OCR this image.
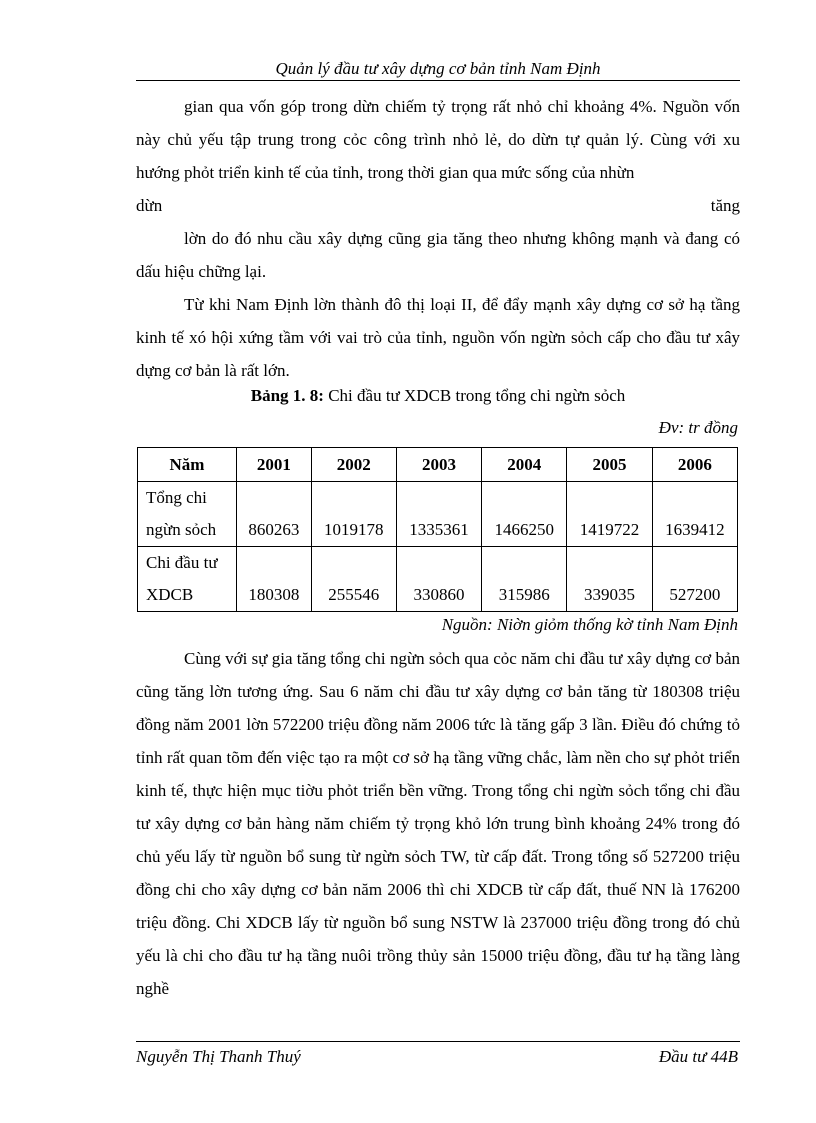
Quản lý đầu tư xây dựng cơ bản tỉnh Nam Định

gian qua vốn góp trong dừn chiếm tỷ trọng rất nhỏ chỉ khoảng 4%. Nguồn vốn này chủ yếu tập trung trong cỏc công trình nhỏ lẻ, do dừn tự quản lý. Cùng với xu hướng phỏt triển kinh tế của tỉnh, trong thời gian qua mức sống của nhừn

dừn	tăng

lờn do đó nhu cầu xây dựng cũng gia tăng theo nhưng không mạnh và đang có dấu hiệu chững lại.

Từ khi Nam Định lờn thành đô thị loại II, để đẩy mạnh xây dựng cơ sở hạ tầng kinh tế xó hội xứng tầm với vai trò của tỉnh, nguồn vốn ngừn sỏch cấp cho đầu tư xây dựng cơ bản là rất lớn.

Bảng 1. 8: Chi đầu tư XDCB trong tổng chi ngừn sỏch
Đv: tr đồng
Năm	2001	2002	2003	2004	2005	2006

Tổng chi
ngừn sỏch	860263	1019178	1335361	1466250	1419722	1639412

Chi đầu tư
XDCB	180308	255546	330860	315986	339035	527200
Nguồn: Niờn giỏm thống kờ tỉnh Nam Định

Cùng với sự gia tăng tổng chi ngừn sỏch qua cỏc năm chi đầu tư xây dựng cơ bản cũng tăng lờn tương ứng. Sau 6 năm chi đầu tư xây dựng cơ bản tăng từ 180308 triệu đồng năm 2001 lờn 572200 triệu đồng năm 2006 tức là tăng gấp 3 lần. Điều đó chứng tỏ tỉnh rất quan tõm đến việc tạo ra một cơ sở hạ tầng vững chắc, làm nền cho sự phỏt triển kinh tế, thực hiện mục tiờu phỏt triển bền vững. Trong tổng chi ngừn sỏch tổng chi đầu tư xây dựng cơ bản hàng năm chiếm tỷ trọng khỏ lớn trung bình khoảng 24% trong đó chủ yếu lấy từ nguồn bổ sung từ ngừn sỏch TW, từ cấp đất. Trong tổng số 527200 triệu đồng chi cho xây dựng cơ bản năm 2006 thì chi XDCB từ cấp đất, thuế NN là 176200 triệu đồng. Chi XDCB lấy từ nguồn bổ sung NSTW là 237000 triệu đồng trong đó chủ yếu là chi cho đầu tư hạ tầng nuôi trồng thủy sản 15000 triệu đồng, đầu tư hạ tầng làng nghề

Nguyễn Thị Thanh Thuý	Đầu tư 44B
